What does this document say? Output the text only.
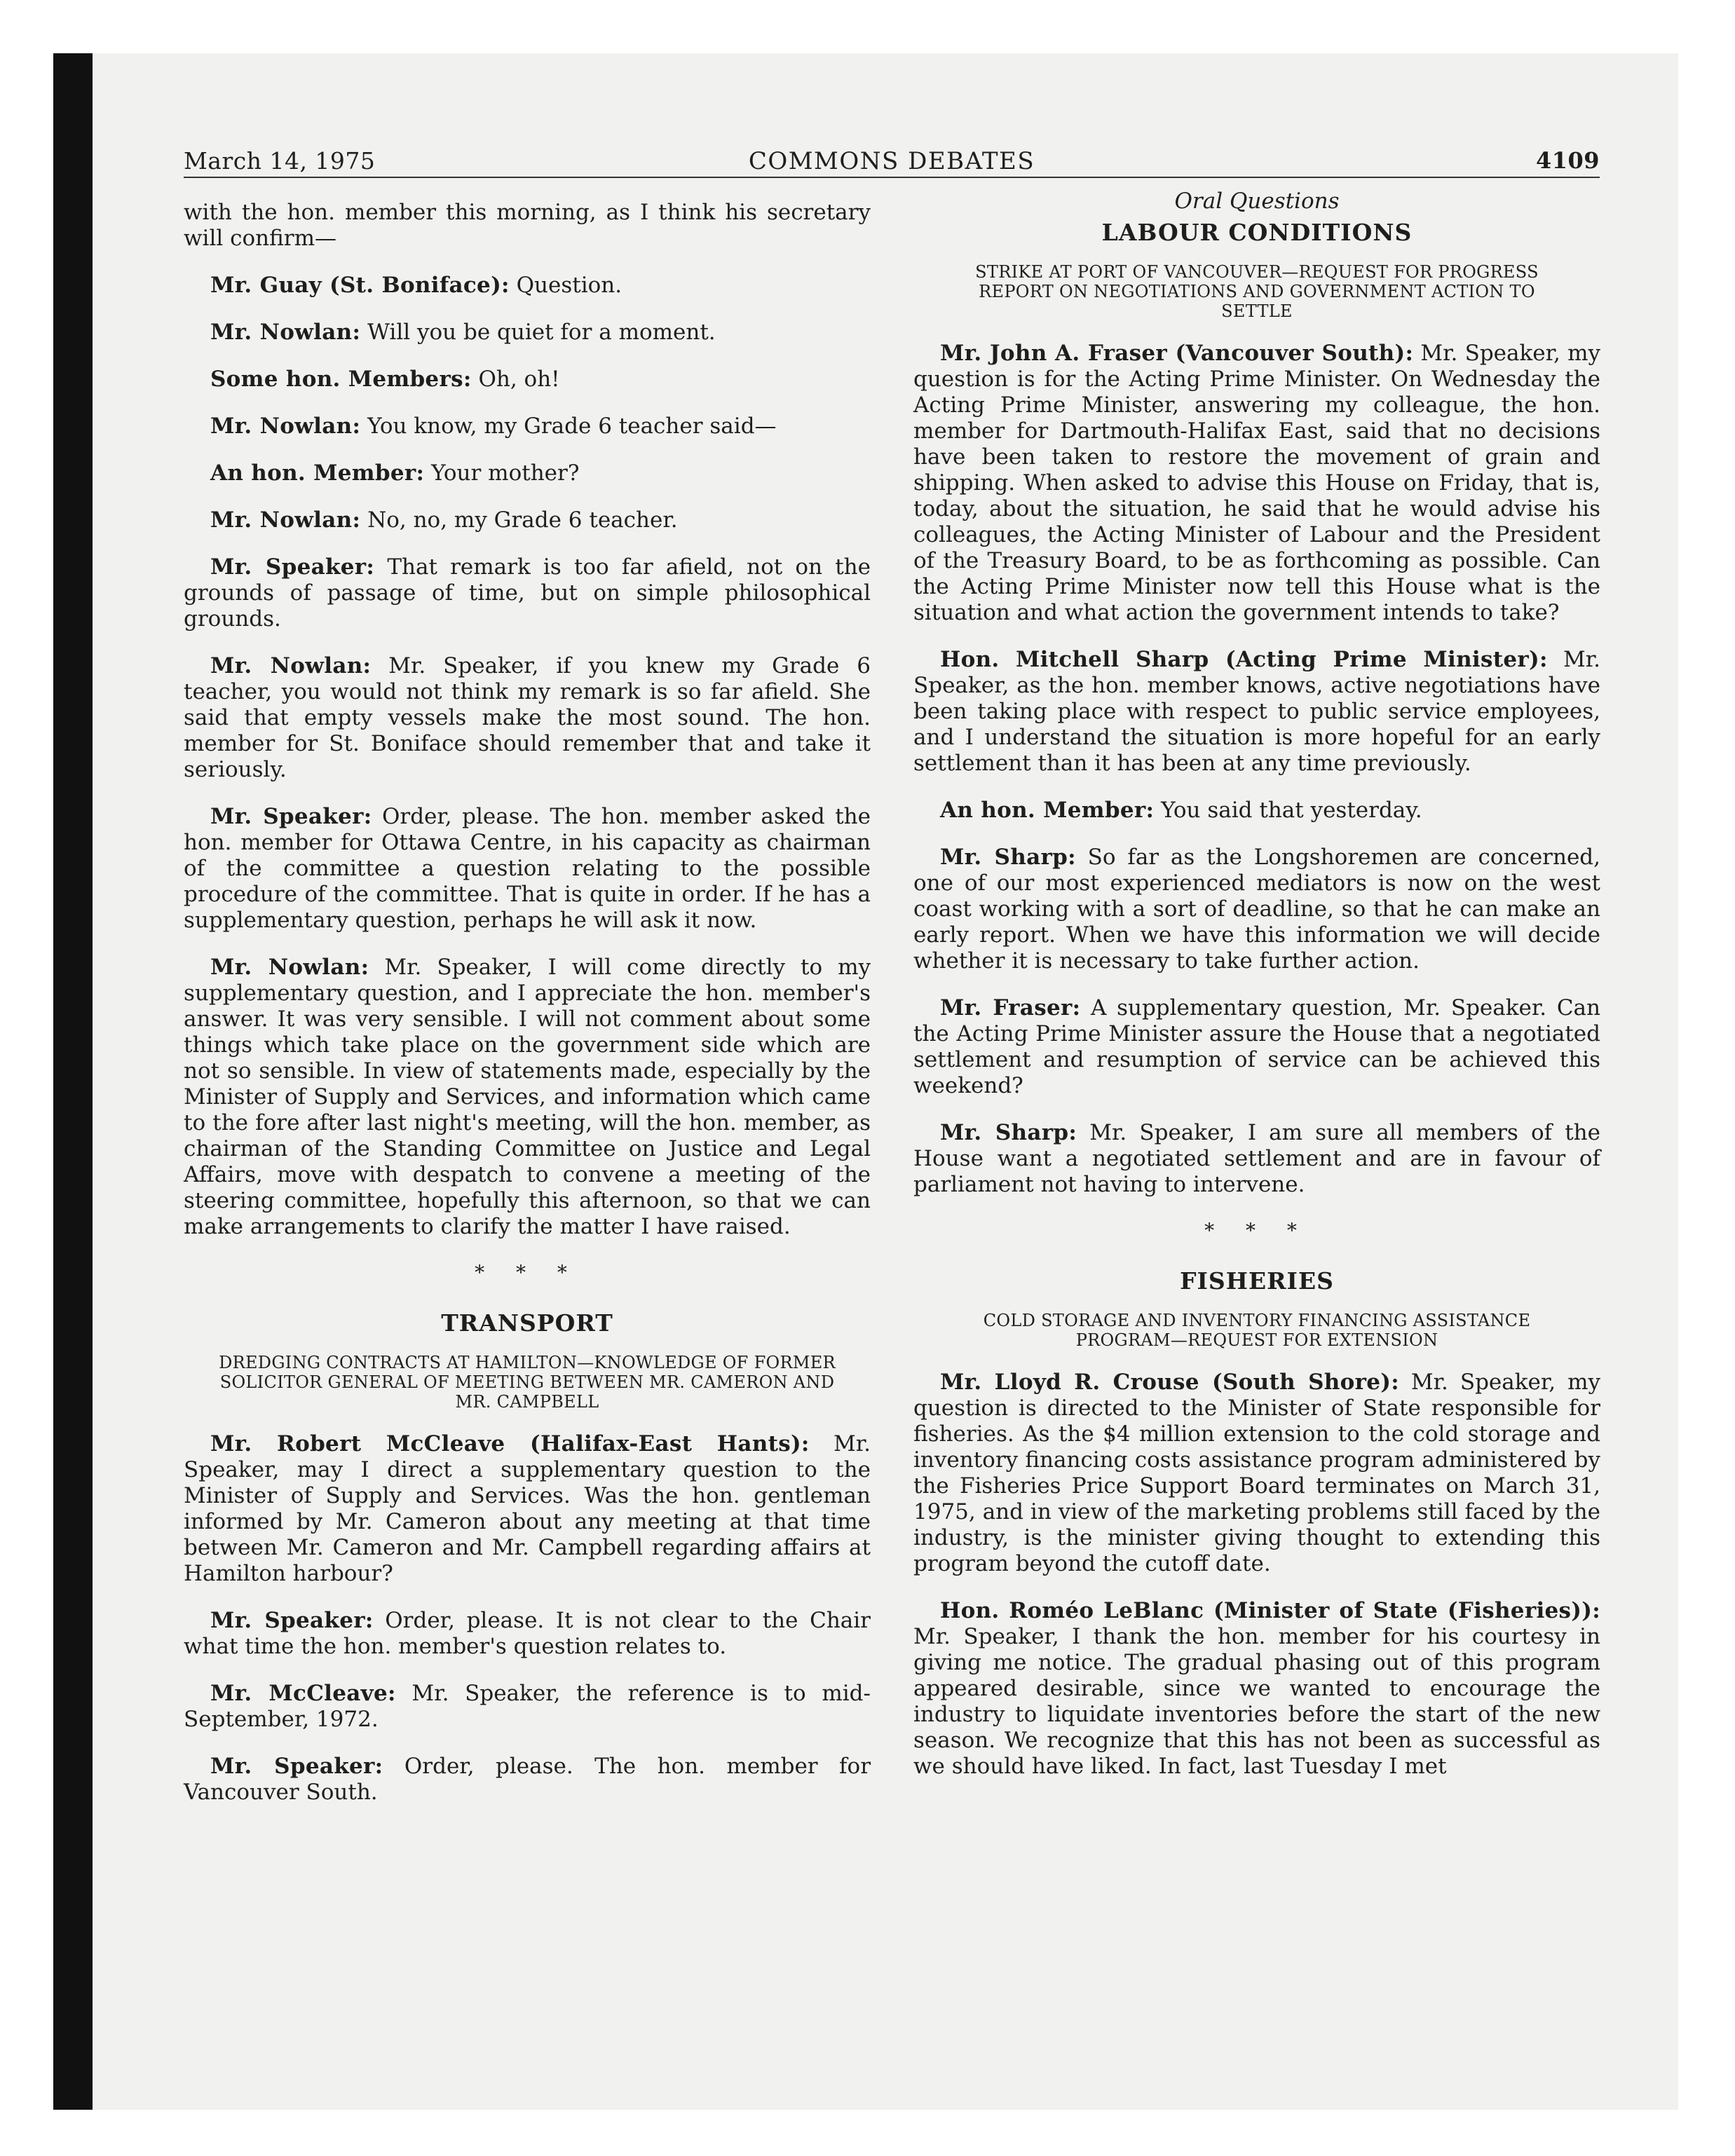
March 14, 1975	COMMONS DEBATES	4109

with the hon. member this morning, as I think his secretary will confirm—

Mr. Guay (St. Boniface): Question.

Mr. Nowlan: Will you be quiet for a moment.

Some hon. Members: Oh, oh!

Mr. Nowlan: You know, my Grade 6 teacher said—

An hon. Member: Your mother?

Mr. Nowlan: No, no, my Grade 6 teacher.

Mr. Speaker: That remark is too far afield, not on the grounds of passage of time, but on simple philosophical grounds.

Mr. Nowlan: Mr. Speaker, if you knew my Grade 6 teacher, you would not think my remark is so far afield. She said that empty vessels make the most sound. The hon. member for St. Boniface should remember that and take it seriously.

Mr. Speaker: Order, please. The hon. member asked the hon. member for Ottawa Centre, in his capacity as chairman of the committee a question relating to the possible procedure of the committee. That is quite in order. If he has a supplementary question, perhaps he will ask it now.

Mr. Nowlan: Mr. Speaker, I will come directly to my supplementary question, and I appreciate the hon. member's answer. It was very sensible. I will not comment about some things which take place on the government side which are not so sensible. In view of statements made, especially by the Minister of Supply and Services, and information which came to the fore after last night's meeting, will the hon. member, as chairman of the Standing Committee on Justice and Legal Affairs, move with despatch to convene a meeting of the steering committee, hopefully this afternoon, so that we can make arrangements to clarify the matter I have raised.

* * *
TRANSPORT
DREDGING CONTRACTS AT HAMILTON—KNOWLEDGE OF FORMER SOLICITOR GENERAL OF MEETING BETWEEN MR. CAMERON AND MR. CAMPBELL

Mr. Robert McCleave (Halifax-East Hants): Mr. Speaker, may I direct a supplementary question to the Minister of Supply and Services. Was the hon. gentleman informed by Mr. Cameron about any meeting at that time between Mr. Cameron and Mr. Campbell regarding affairs at Hamilton harbour?

Mr. Speaker: Order, please. It is not clear to the Chair what time the hon. member's question relates to.

Mr. McCleave: Mr. Speaker, the reference is to mid-September, 1972.

Mr. Speaker: Order, please. The hon. member for Vancouver South.

Oral Questions
LABOUR CONDITIONS
STRIKE AT PORT OF VANCOUVER—REQUEST FOR PROGRESS REPORT ON NEGOTIATIONS AND GOVERNMENT ACTION TO SETTLE

Mr. John A. Fraser (Vancouver South): Mr. Speaker, my question is for the Acting Prime Minister. On Wednesday the Acting Prime Minister, answering my colleague, the hon. member for Dartmouth-Halifax East, said that no decisions have been taken to restore the movement of grain and shipping. When asked to advise this House on Friday, that is, today, about the situation, he said that he would advise his colleagues, the Acting Minister of Labour and the President of the Treasury Board, to be as forthcoming as possible. Can the Acting Prime Minister now tell this House what is the situation and what action the government intends to take?

Hon. Mitchell Sharp (Acting Prime Minister): Mr. Speaker, as the hon. member knows, active negotiations have been taking place with respect to public service employees, and I understand the situation is more hopeful for an early settlement than it has been at any time previously.

An hon. Member: You said that yesterday.

Mr. Sharp: So far as the Longshoremen are concerned, one of our most experienced mediators is now on the west coast working with a sort of deadline, so that he can make an early report. When we have this information we will decide whether it is necessary to take further action.

Mr. Fraser: A supplementary question, Mr. Speaker. Can the Acting Prime Minister assure the House that a negotiated settlement and resumption of service can be achieved this weekend?

Mr. Sharp: Mr. Speaker, I am sure all members of the House want a negotiated settlement and are in favour of parliament not having to intervene.

* * *
FISHERIES
COLD STORAGE AND INVENTORY FINANCING ASSISTANCE PROGRAM—REQUEST FOR EXTENSION

Mr. Lloyd R. Crouse (South Shore): Mr. Speaker, my question is directed to the Minister of State responsible for fisheries. As the $4 million extension to the cold storage and inventory financing costs assistance program administered by the Fisheries Price Support Board terminates on March 31, 1975, and in view of the marketing problems still faced by the industry, is the minister giving thought to extending this program beyond the cutoff date.

Hon. Roméo LeBlanc (Minister of State (Fisheries)): Mr. Speaker, I thank the hon. member for his courtesy in giving me notice. The gradual phasing out of this program appeared desirable, since we wanted to encourage the industry to liquidate inventories before the start of the new season. We recognize that this has not been as successful as we should have liked. In fact, last Tuesday I met
